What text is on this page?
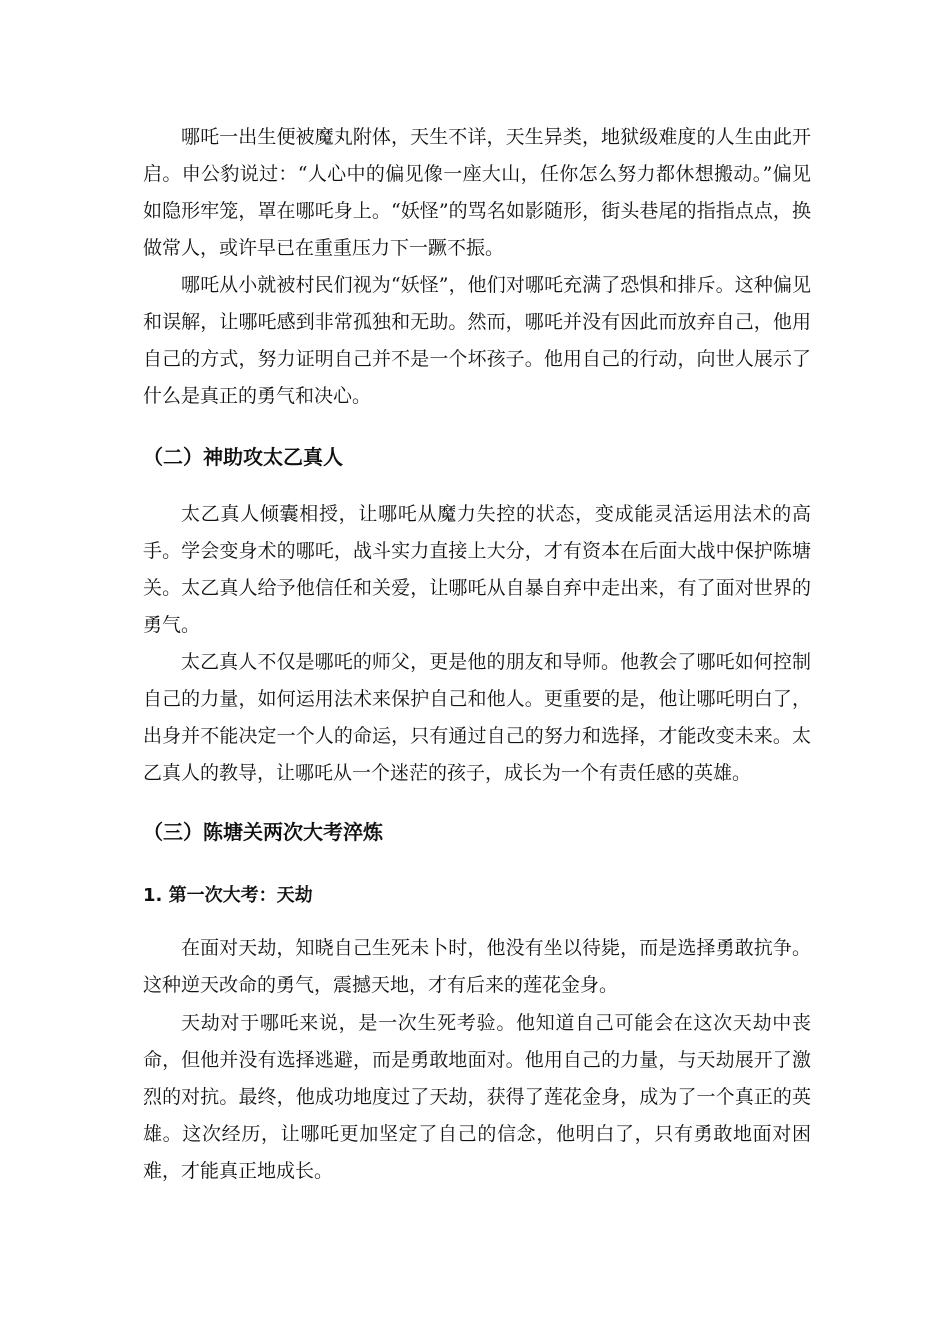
哪吒一出生便被魔丸附体，天生不详，天生异类，地狱级难度的人生由此开启。申公豹说过：“人心中的偏见像一座大山，任你怎么努力都休想搬动。”偏见如隐形牢笼，罩在哪吒身上。“妖怪”的骂名如影随形，街头巷尾的指指点点，换做常人，或许早已在重重压力下一蹶不振。

哪吒从小就被村民们视为“妖怪”，他们对哪吒充满了恐惧和排斥。这种偏见和误解，让哪吒感到非常孤独和无助。然而，哪吒并没有因此而放弃自己，他用自己的方式，努力证明自己并不是一个坏孩子。他用自己的行动，向世人展示了什么是真正的勇气和决心。

（二）神助攻太乙真人

太乙真人倾囊相授，让哪吒从魔力失控的状态，变成能灵活运用法术的高手。学会变身术的哪吒，战斗实力直接上大分，才有资本在后面大战中保护陈塘关。太乙真人给予他信任和关爱，让哪吒从自暴自弃中走出来，有了面对世界的勇气。

太乙真人不仅是哪吒的师父，更是他的朋友和导师。他教会了哪吒如何控制自己的力量，如何运用法术来保护自己和他人。更重要的是，他让哪吒明白了，出身并不能决定一个人的命运，只有通过自己的努力和选择，才能改变未来。太乙真人的教导，让哪吒从一个迷茫的孩子，成长为一个有责任感的英雄。

（三）陈塘关两次大考淬炼
1. 第一次大考：天劫

在面对天劫，知晓自己生死未卜时，他没有坐以待毙，而是选择勇敢抗争。这种逆天改命的勇气，震撼天地，才有后来的莲花金身。

天劫对于哪吒来说，是一次生死考验。他知道自己可能会在这次天劫中丧命，但他并没有选择逃避，而是勇敢地面对。他用自己的力量，与天劫展开了激烈的对抗。最终，他成功地度过了天劫，获得了莲花金身，成为了一个真正的英雄。这次经历，让哪吒更加坚定了自己的信念，他明白了，只有勇敢地面对困难，才能真正地成长。
